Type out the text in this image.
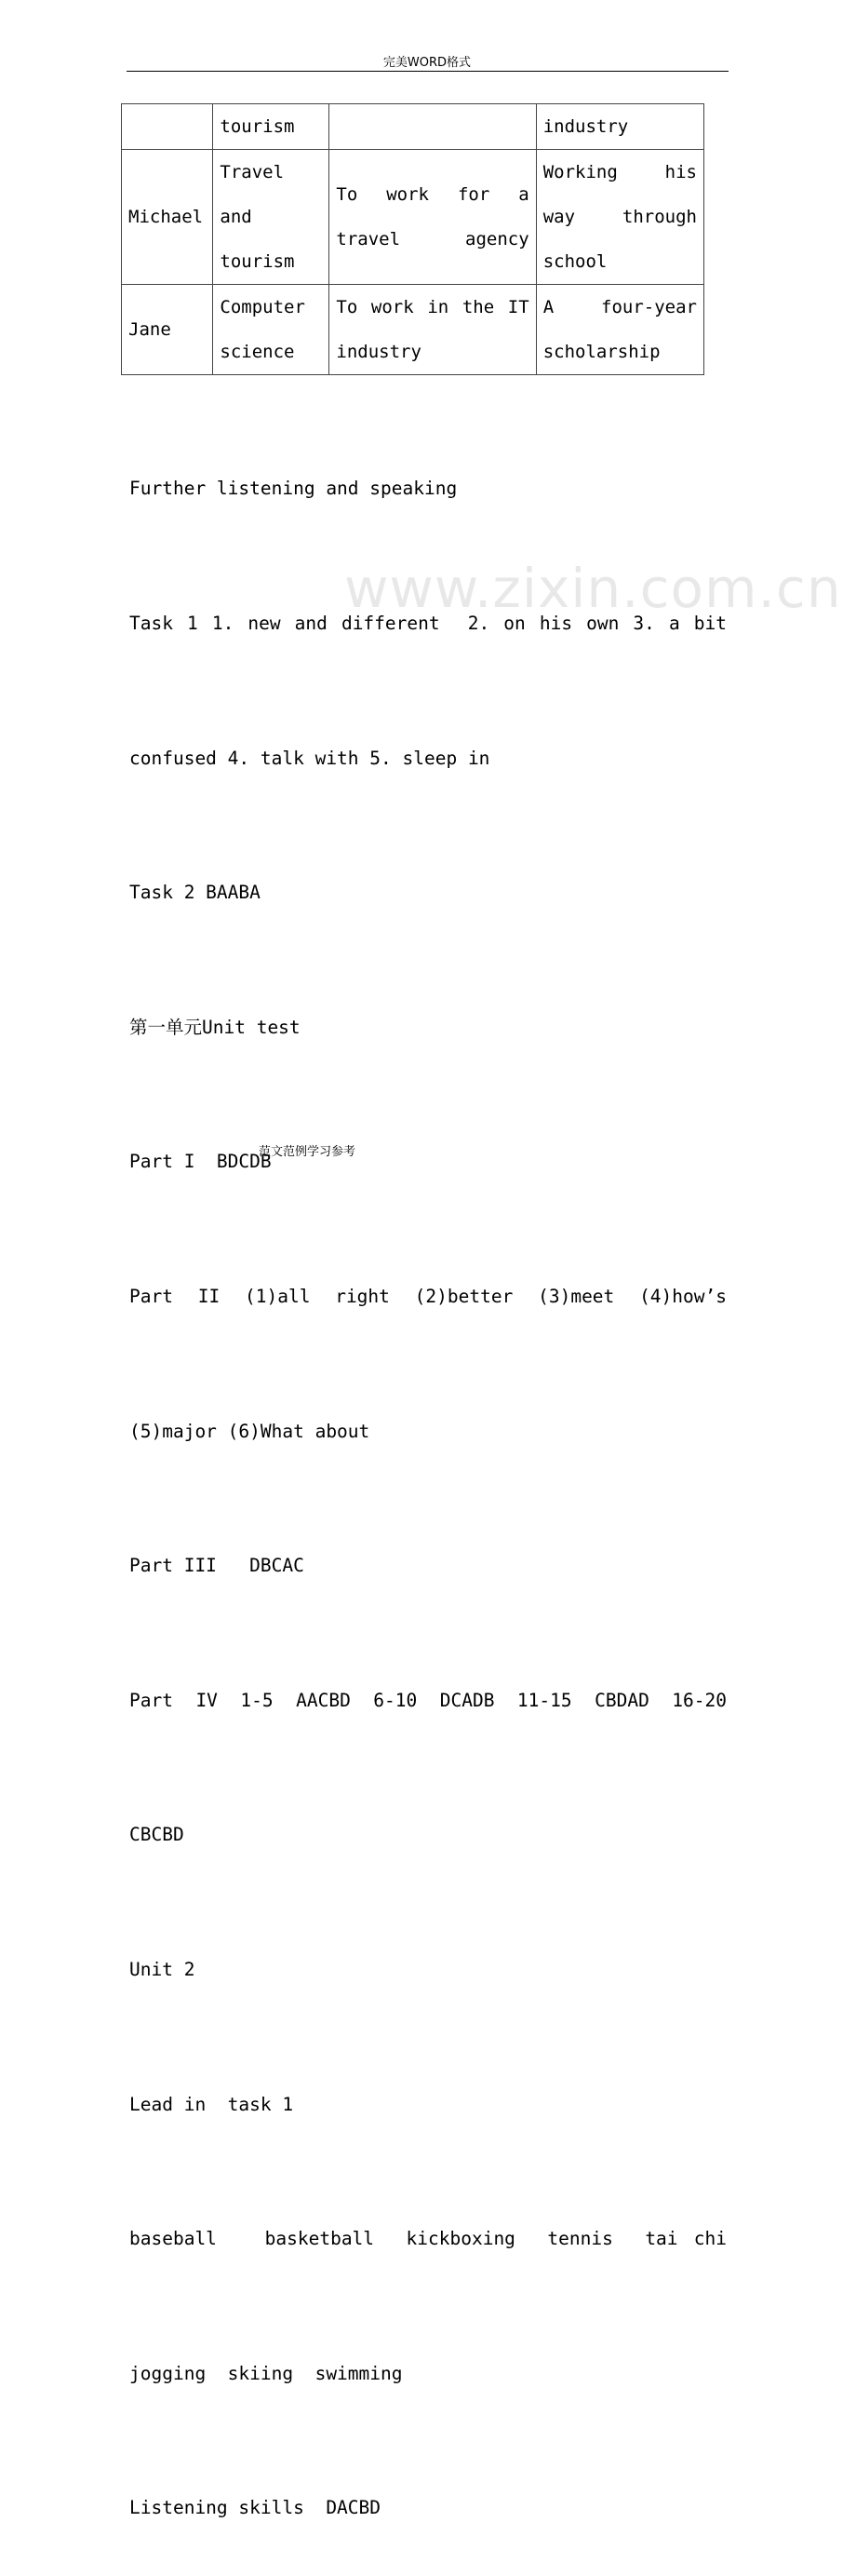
完美WORD格式
	tourism		industry
Michael	Travel and tourism	To work for a travel agency	Working his way through school
Jane	Computer science	To work in the IT industry	A four-year scholarship

Further listening and speaking

Task 1 1. new and different  2. on his own 3. a bit

confused 4. talk with 5. sleep in

Task 2 BAABA

第一单元Unit test

Part I  BDCDB

Part  II  (1)all  right  (2)better  (3)meet  (4)how’s

(5)major (6)What about

Part III   DBCAC

Part  IV  1-5  AACBD  6-10  DCADB  11-15  CBDAD  16-20

CBCBD

Unit 2

Lead in  task 1

baseball   basketball  kickboxing  tennis  tai chi

jogging  skiing  swimming

Listening skills  DACBD

www.zixin.com.cn
范文范例学习参考
